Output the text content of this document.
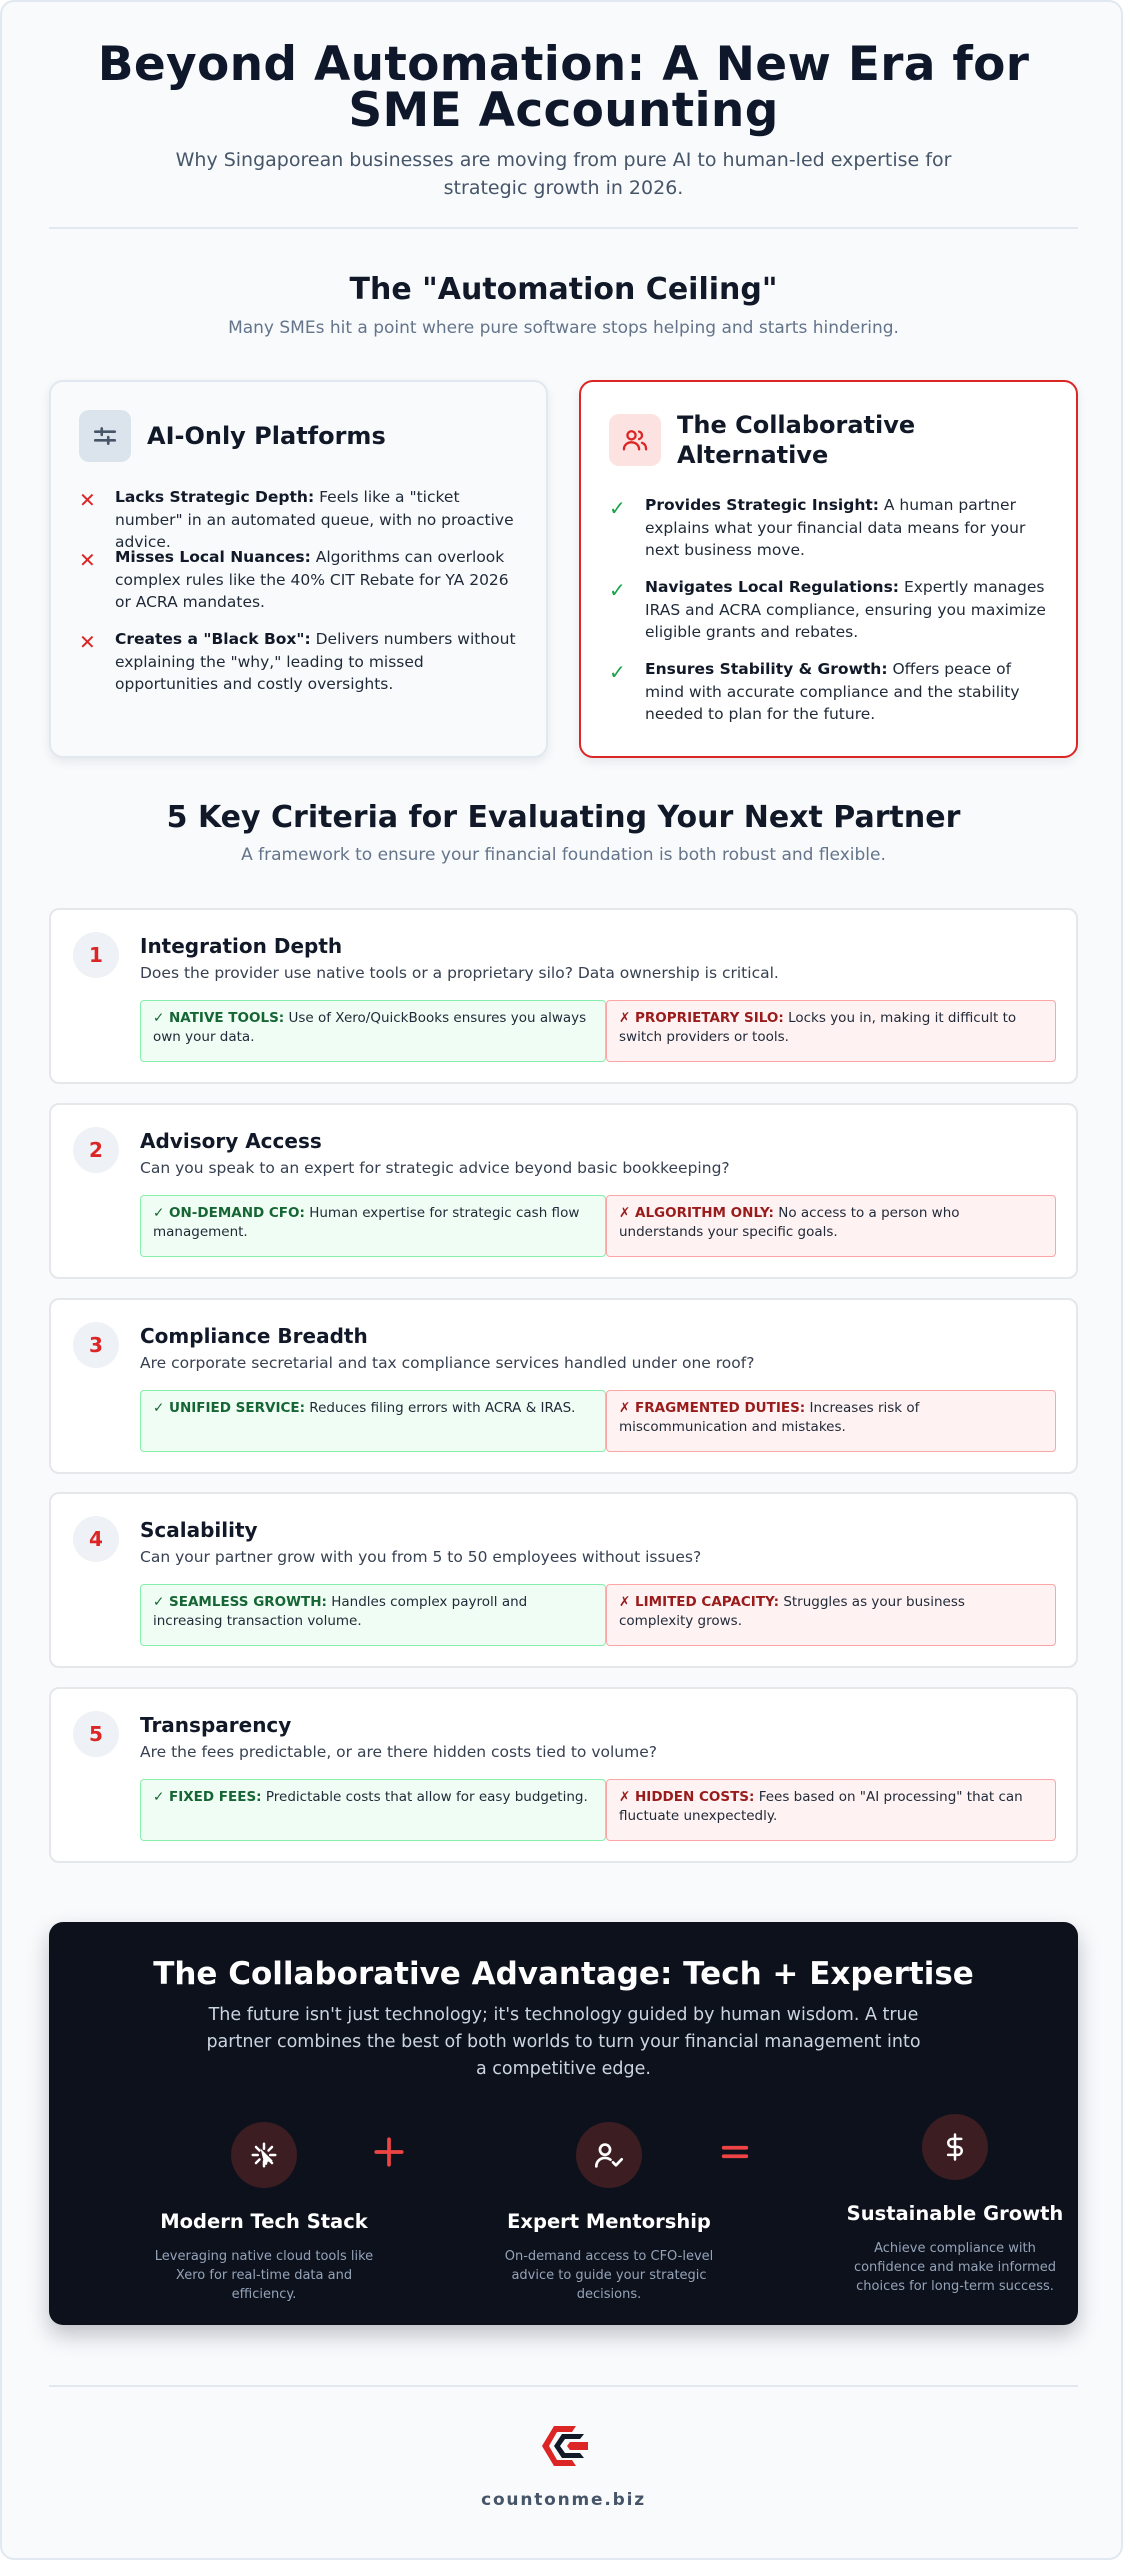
Beyond Automation: A New Era for SME Accounting

Why Singaporean businesses are moving from pure AI to human-led expertise for strategic growth in 2026.

The "Automation Ceiling"

Many SMEs hit a point where pure software stops helping and starts hindering.

AI-Only Platforms
✕ Lacks Strategic Depth: Feels like a "ticket number" in an automated queue, with no proactive advice.
✕ Misses Local Nuances: Algorithms can overlook complex rules like the 40% CIT Rebate for YA 2026 or ACRA mandates.
✕ Creates a "Black Box": Delivers numbers without explaining the "why," leading to missed opportunities and costly oversights.
The Collaborative Alternative
✓ Provides Strategic Insight: A human partner explains what your financial data means for your next business move.
✓ Navigates Local Regulations: Expertly manages IRAS and ACRA compliance, ensuring you maximize eligible grants and rebates.
✓ Ensures Stability & Growth: Offers peace of mind with accurate compliance and the stability needed to plan for the future.
5 Key Criteria for Evaluating Your Next Partner

A framework to ensure your financial foundation is both robust and flexible.

1	Integration Depth
Does the provider use native tools or a proprietary silo? Data ownership is critical.
✓ NATIVE TOOLS: Use of Xero/QuickBooks ensures you always own your data.
✗ PROPRIETARY SILO: Locks you in, making it difficult to switch providers or tools.
2	Advisory Access
Can you speak to an expert for strategic advice beyond basic bookkeeping?
✓ ON-DEMAND CFO: Human expertise for strategic cash flow management.
✗ ALGORITHM ONLY: No access to a person who understands your specific goals.
3	Compliance Breadth
Are corporate secretarial and tax compliance services handled under one roof?
✓ UNIFIED SERVICE: Reduces filing errors with ACRA & IRAS.	✗ FRAGMENTED DUTIES: Increases risk of miscommunication and mistakes.
4	Scalability
Can your partner grow with you from 5 to 50 employees without issues?
✓ SEAMLESS GROWTH: Handles complex payroll and increasing transaction volume.
✗ LIMITED CAPACITY: Struggles as your business complexity grows.
5	Transparency
Are the fees predictable, or are there hidden costs tied to volume?
✓ FIXED FEES: Predictable costs that allow for easy budgeting.	✗ HIDDEN COSTS: Fees based on "AI processing" that can fluctuate unexpectedly.
The Collaborative Advantage: Tech + Expertise
The future isn't just technology; it's technology guided by human wisdom. A true partner combines the best of both worlds to turn your financial management into a competitive edge.
Modern Tech Stack
Leveraging native cloud tools like Xero for real-time data and efficiency.
Expert Mentorship
On-demand access to CFO-level advice to guide your strategic decisions.
Sustainable Growth
Achieve compliance with confidence and make informed choices for long-term success.
countonme.biz
